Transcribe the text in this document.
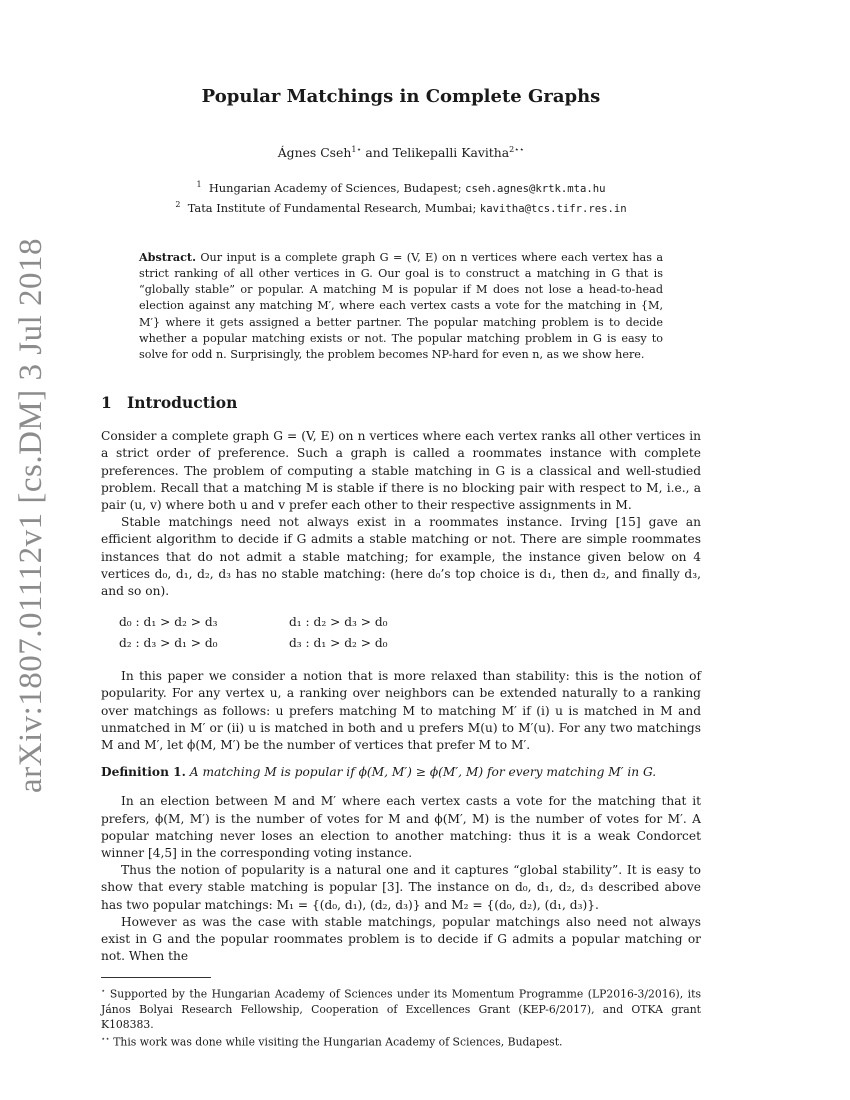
arXiv:1807.01112v1 [cs.DM] 3 Jul 2018
Popular Matchings in Complete Graphs
Ágnes Cseh$^{1⋆}$ and Telikepalli Kavitha$^{2⋆⋆}$
$^1$ Hungarian Academy of Sciences, Budapest; cseh.agnes@krtk.mta.hu
$^2$ Tata Institute of Fundamental Research, Mumbai; kavitha@tcs.tifr.res.in
Abstract. Our input is a complete graph G = (V, E) on n vertices where each vertex has a strict ranking of all other vertices in G. Our goal is to construct a matching in G that is “globally stable” or popular. A matching M is popular if M does not lose a head-to-head election against any matching M′, where each vertex casts a vote for the matching in {M, M′} where it gets assigned a better partner. The popular matching problem is to decide whether a popular matching exists or not. The popular matching problem in G is easy to solve for odd n. Surprisingly, the problem becomes NP-hard for even n, as we show here.
1 Introduction

Consider a complete graph G = (V, E) on n vertices where each vertex ranks all other vertices in a strict order of preference. Such a graph is called a roommates instance with complete preferences. The problem of computing a stable matching in G is a classical and well-studied problem. Recall that a matching M is stable if there is no blocking pair with respect to M, i.e., a pair (u, v) where both u and v prefer each other to their respective assignments in M.

Stable matchings need not always exist in a roommates instance. Irving [15] gave an efficient algorithm to decide if G admits a stable matching or not. There are simple roommates instances that do not admit a stable matching; for example, the instance given below on 4 vertices d₀, d₁, d₂, d₃ has no stable matching: (here d₀’s top choice is d₁, then d₂, and finally d₃, and so on).

d₀ : d₁ > d₂ > d₃	d₁ : d₂ > d₃ > d₀
d₂ : d₃ > d₁ > d₀	d₃ : d₁ > d₂ > d₀

In this paper we consider a notion that is more relaxed than stability: this is the notion of popularity. For any vertex u, a ranking over neighbors can be extended naturally to a ranking over matchings as follows: u prefers matching M to matching M′ if (i) u is matched in M and unmatched in M′ or (ii) u is matched in both and u prefers M(u) to M′(u). For any two matchings M and M′, let ϕ(M, M′) be the number of vertices that prefer M to M′.

Definition 1. A matching M is popular if ϕ(M, M′) ≥ ϕ(M′, M) for every matching M′ in G.

In an election between M and M′ where each vertex casts a vote for the matching that it prefers, ϕ(M, M′) is the number of votes for M and ϕ(M′, M) is the number of votes for M′. A popular matching never loses an election to another matching: thus it is a weak Condorcet winner [4,5] in the corresponding voting instance.

Thus the notion of popularity is a natural one and it captures “global stability”. It is easy to show that every stable matching is popular [3]. The instance on d₀, d₁, d₂, d₃ described above has two popular matchings: M₁ = {(d₀, d₁), (d₂, d₃)} and M₂ = {(d₀, d₂), (d₁, d₃)}.

However as was the case with stable matchings, popular matchings also need not always exist in G and the popular roommates problem is to decide if G admits a popular matching or not. When the

⋆ Supported by the Hungarian Academy of Sciences under its Momentum Programme (LP2016-3/2016), its János Bolyai Research Fellowship, Cooperation of Excellences Grant (KEP-6/2017), and OTKA grant K108383.
⋆⋆ This work was done while visiting the Hungarian Academy of Sciences, Budapest.
